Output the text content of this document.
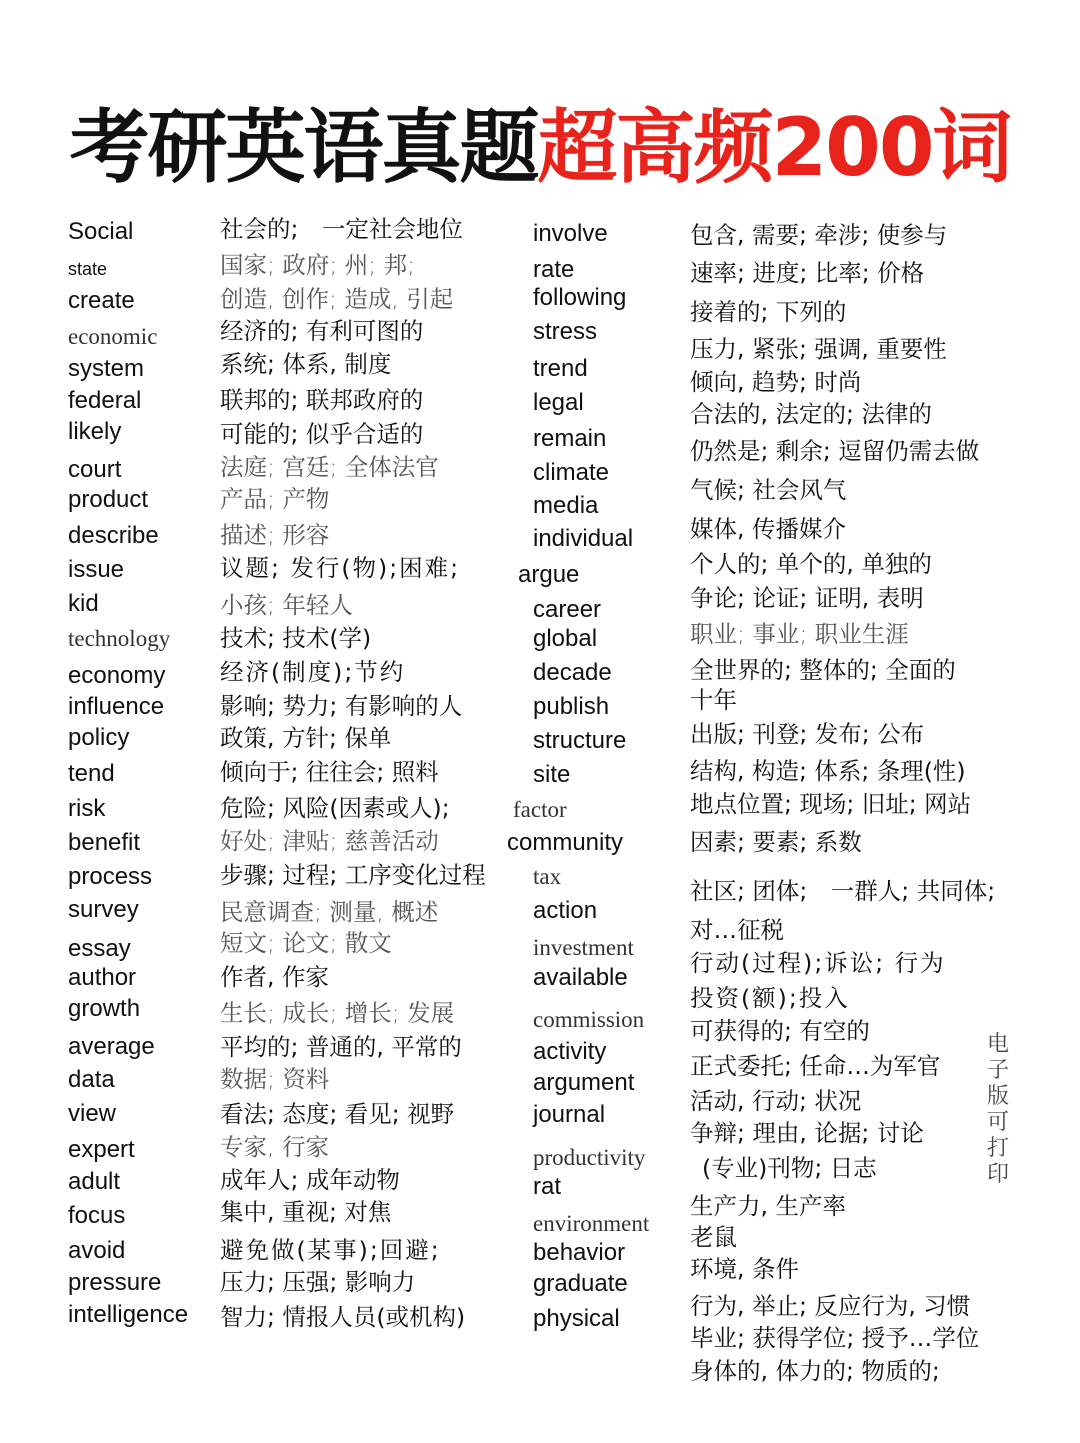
考研英语真题超高频200词
Social
state
create
economic
system
federal
likely
court
product
describe
issue
kid
technology
economy
influence
policy
tend
risk
benefit
process
survey
essay
author
growth
average
data
view
expert
adult
focus
avoid
pressure
intelligence
社会的;　一定社会地位
国家; 政府; 州; 邦;
创造, 创作; 造成, 引起
经济的; 有利可图的
系统; 体系, 制度
联邦的; 联邦政府的
可能的; 似乎合适的
法庭; 宫廷; 全体法官
产品; 产物
描述; 形容
议题; 发行(物);困难;
小孩; 年轻人
技术; 技术(学)
经济(制度);节约
影响; 势力; 有影响的人
政策, 方针; 保单
倾向于; 往往会; 照料
危险; 风险(因素或人);
好处; 津贴; 慈善活动
步骤; 过程; 工序变化过程
民意调查; 测量, 概述
短文; 论文; 散文
作者, 作家
生长; 成长; 增长; 发展
平均的; 普通的, 平常的
数据; 资料
看法; 态度; 看见; 视野
专家, 行家
成年人; 成年动物
集中, 重视; 对焦
避免做(某事);回避;
压力; 压强; 影响力
智力; 情报人员(或机构)
involve
rate
following
stress
trend
legal
remain
climate
media
individual
argue
career
global
decade
publish
structure
site
factor
community
tax
action
investment
available
commission
activity
argument
journal
productivity
rat
environment
behavior
graduate
physical
包含, 需要; 牵涉; 使参与
速率; 进度; 比率; 价格
接着的; 下列的
压力, 紧张; 强调, 重要性
倾向, 趋势; 时尚
合法的, 法定的; 法律的
仍然是; 剩余; 逗留仍需去做
气候; 社会风气
媒体, 传播媒介
个人的; 单个的, 单独的
争论; 论证; 证明, 表明
职业; 事业; 职业生涯
全世界的; 整体的; 全面的
十年
出版; 刊登; 发布; 公布
结构, 构造; 体系; 条理(性)
地点位置; 现场; 旧址; 网站
因素; 要素; 系数
社区; 团体;　一群人; 共同体;
对…征税
行动(过程);诉讼; 行为
投资(额);投入
可获得的; 有空的
正式委托; 任命…为军官
活动, 行动; 状况
争辩; 理由, 论据; 讨论
(专业)刊物; 日志
生产力, 生产率
老鼠
环境, 条件
行为, 举止; 反应行为, 习惯
毕业; 获得学位; 授予…学位
身体的, 体力的; 物质的;
电子版可打印
